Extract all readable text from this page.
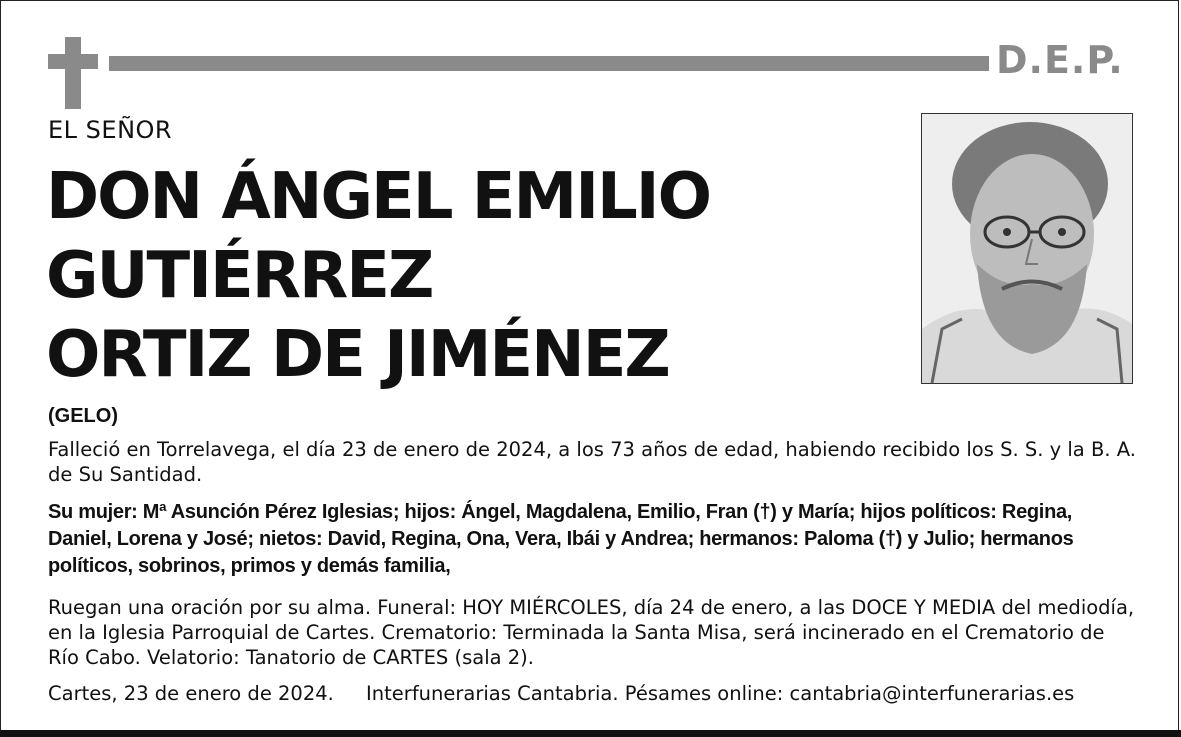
D.E.P.
EL SEÑOR
DON ÁNGEL EMILIO
GUTIÉRREZ
ORTIZ DE JIMÉNEZ
(GELO)
Falleció en Torrelavega, el día 23 de enero de 2024, a los 73 años de edad, habiendo recibido los S. S. y la B. A. de Su Santidad.
Su mujer: Mª Asunción Pérez Iglesias; hijos: Ángel, Magdalena, Emilio, Fran (†) y María; hijos políticos: Regina, Daniel, Lorena y José; nietos: David, Regina, Ona, Vera, Ibái y Andrea; hermanos: Paloma (†) y Julio; hermanos políticos, sobrinos, primos y demás familia,
Ruegan una oración por su alma. Funeral: HOY MIÉRCOLES, día 24 de enero, a las DOCE Y MEDIA del mediodía, en la Iglesia Parroquial de Cartes. Crematorio: Terminada la Santa Misa, será incinerado en el Crematorio de Río Cabo. Velatorio: Tanatorio de CARTES (sala 2).
Cartes, 23 de enero de 2024. Interfunerarias Cantabria. Pésames online: cantabria@interfunerarias.es
